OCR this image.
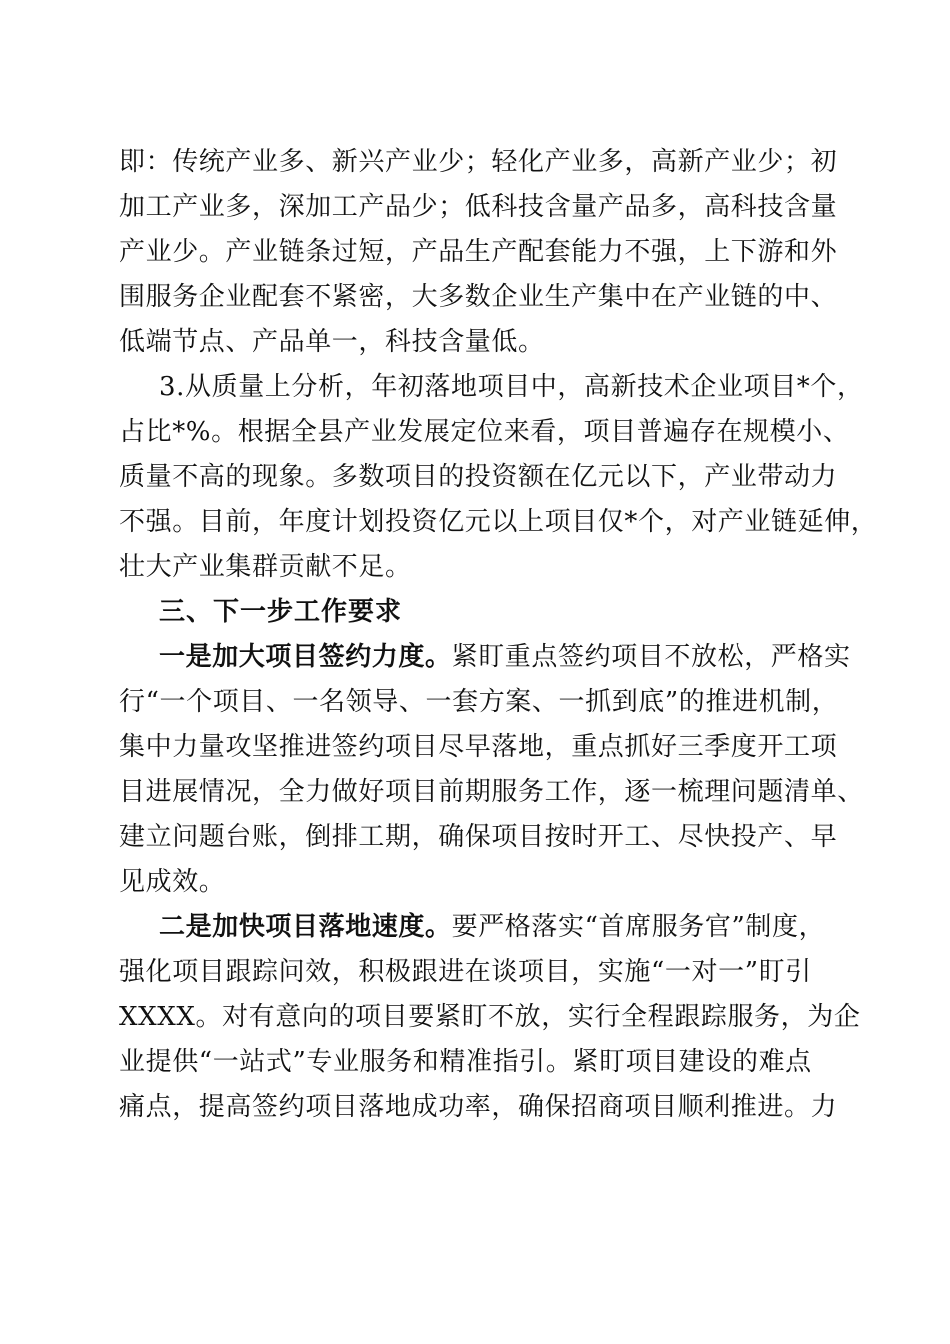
即：传统产业多、新兴产业少；轻化产业多，高新产业少；初
加工产业多，深加工产品少；低科技含量产品多，高科技含量
产业少。产业链条过短，产品生产配套能力不强，上下游和外
围服务企业配套不紧密，大多数企业生产集中在产业链的中、
低端节点、产品单一，科技含量低。
3.从质量上分析，年初落地项目中，高新技术企业项目*个，
占比*%。根据全县产业发展定位来看，项目普遍存在规模小、
质量不高的现象。多数项目的投资额在亿元以下，产业带动力
不强。目前，年度计划投资亿元以上项目仅*个，对产业链延伸，
壮大产业集群贡献不足。
三、下一步工作要求
一是加大项目签约力度。紧盯重点签约项目不放松，严格实
行“一个项目、一名领导、一套方案、一抓到底”的推进机制，
集中力量攻坚推进签约项目尽早落地，重点抓好三季度开工项
目进展情况，全力做好项目前期服务工作，逐一梳理问题清单、
建立问题台账，倒排工期，确保项目按时开工、尽快投产、早
见成效。
二是加快项目落地速度。要严格落实“首席服务官”制度，
强化项目跟踪问效，积极跟进在谈项目，实施“一对一”盯引
XXXX。对有意向的项目要紧盯不放，实行全程跟踪服务，为企
业提供“一站式”专业服务和精准指引。紧盯项目建设的难点
痛点，提高签约项目落地成功率，确保招商项目顺利推进。力
